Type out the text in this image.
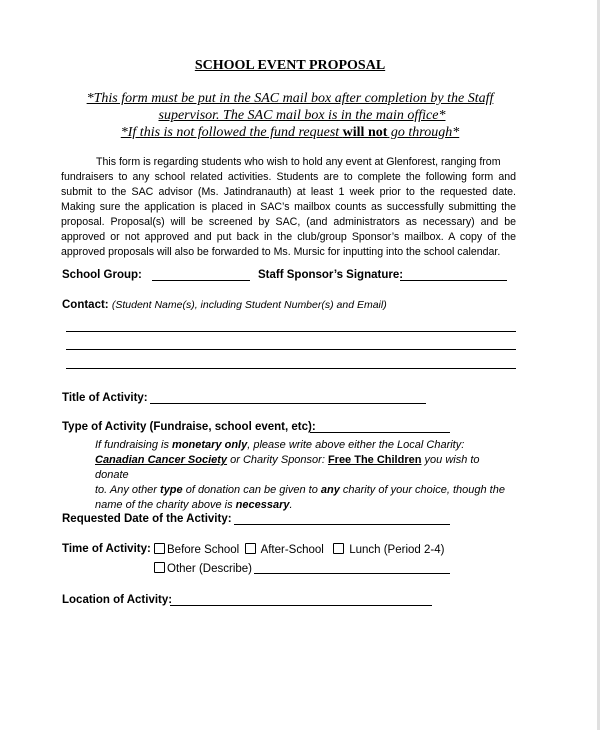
SCHOOL EVENT PROPOSAL
*This form must be put in the SAC mail box after completion by the Staff
supervisor. The SAC mail box is in the main office*
*If this is not followed the fund request will not go through*
This form is regarding students who wish to hold any event at Glenforest, ranging from
fundraisers to any school related activities. Students are to complete the following form and submit to the SAC advisor (Ms. Jatindranauth) at least 1 week prior to the requested date. Making sure the application is placed in SAC’s mailbox counts as successfully submitting the proposal. Proposal(s) will be screened by SAC, (and administrators as necessary) and be approved or not approved and put back in the club/group Sponsor’s mailbox. A copy of the approved proposals will also be forwarded to Ms. Mursic for inputting into the school calendar.
School Group:	Staff Sponsor’s Signature:
Contact: (Student Name(s), including Student Number(s) and Email)
Title of Activity:
Type of Activity (Fundraise, school event, etc):
If fundraising is monetary only, please write above either the Local Charity:
Canadian Cancer Society or Charity Sponsor: Free The Children you wish to donate
to. Any other type of donation can be given to any charity of your choice, though the
name of the charity above is necessary.
Requested Date of the Activity:
Time of Activity:	Before School	After-School	Lunch (Period 2-4)
Other (Describe)
Location of Activity:
